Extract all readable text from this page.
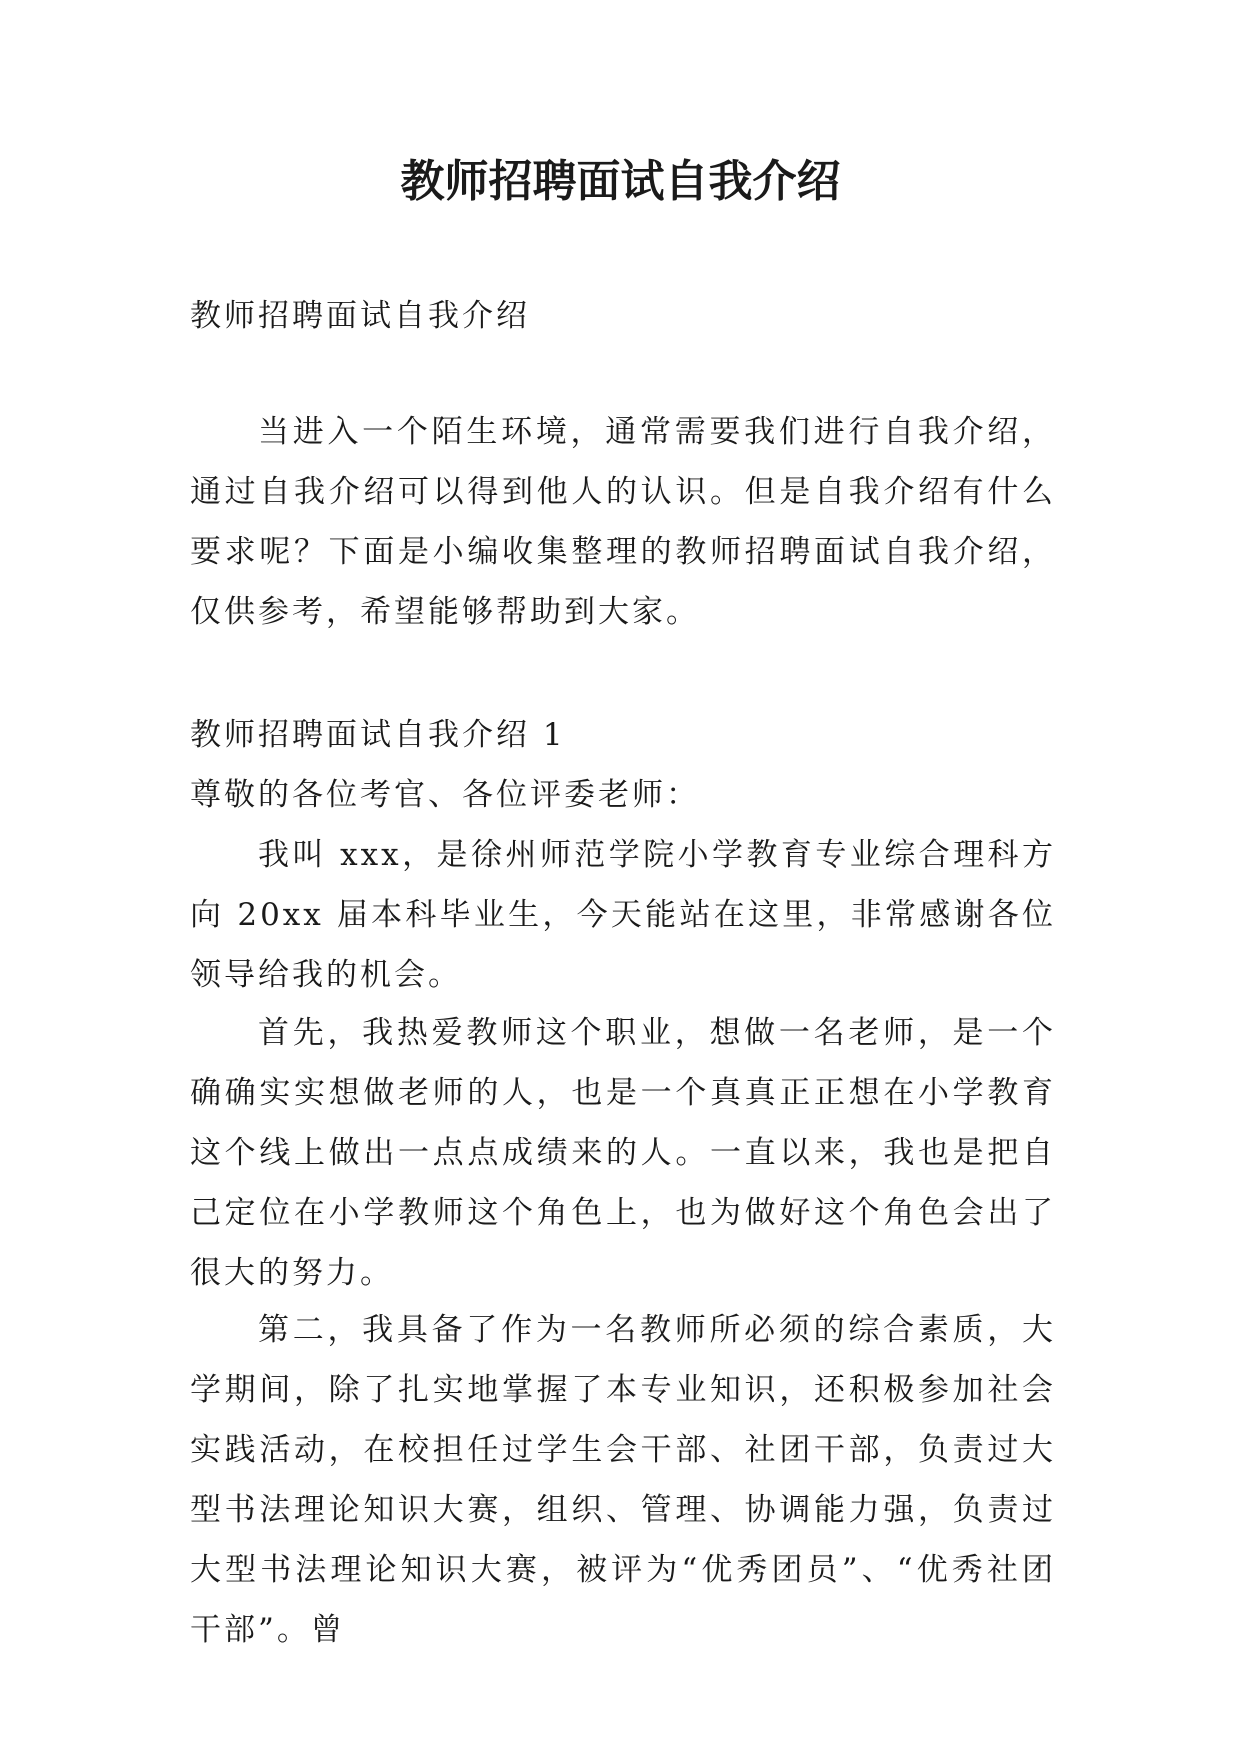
教师招聘面试自我介绍

教师招聘面试自我介绍

当进入一个陌生环境，通常需要我们进行自我介绍，通过自我介绍可以得到他人的认识。但是自我介绍有什么要求呢？下面是小编收集整理的教师招聘面试自我介绍，仅供参考，希望能够帮助到大家。

教师招聘面试自我介绍 1

尊敬的各位考官、各位评委老师：

我叫 xxx，是徐州师范学院小学教育专业综合理科方向 20xx 届本科毕业生，今天能站在这里，非常感谢各位领导给我的机会。

首先，我热爱教师这个职业，想做一名老师，是一个确确实实想做老师的人，也是一个真真正正想在小学教育这个线上做出一点点成绩来的人。一直以来，我也是把自己定位在小学教师这个角色上，也为做好这个角色会出了很大的努力。

第二，我具备了作为一名教师所必须的综合素质，大学期间，除了扎实地掌握了本专业知识，还积极参加社会实践活动，在校担任过学生会干部、社团干部，负责过大型书法理论知识大赛，组织、管理、协调能力强，负责过大型书法理论知识大赛，被评为“优秀团员”、“优秀社团干部”。曾
